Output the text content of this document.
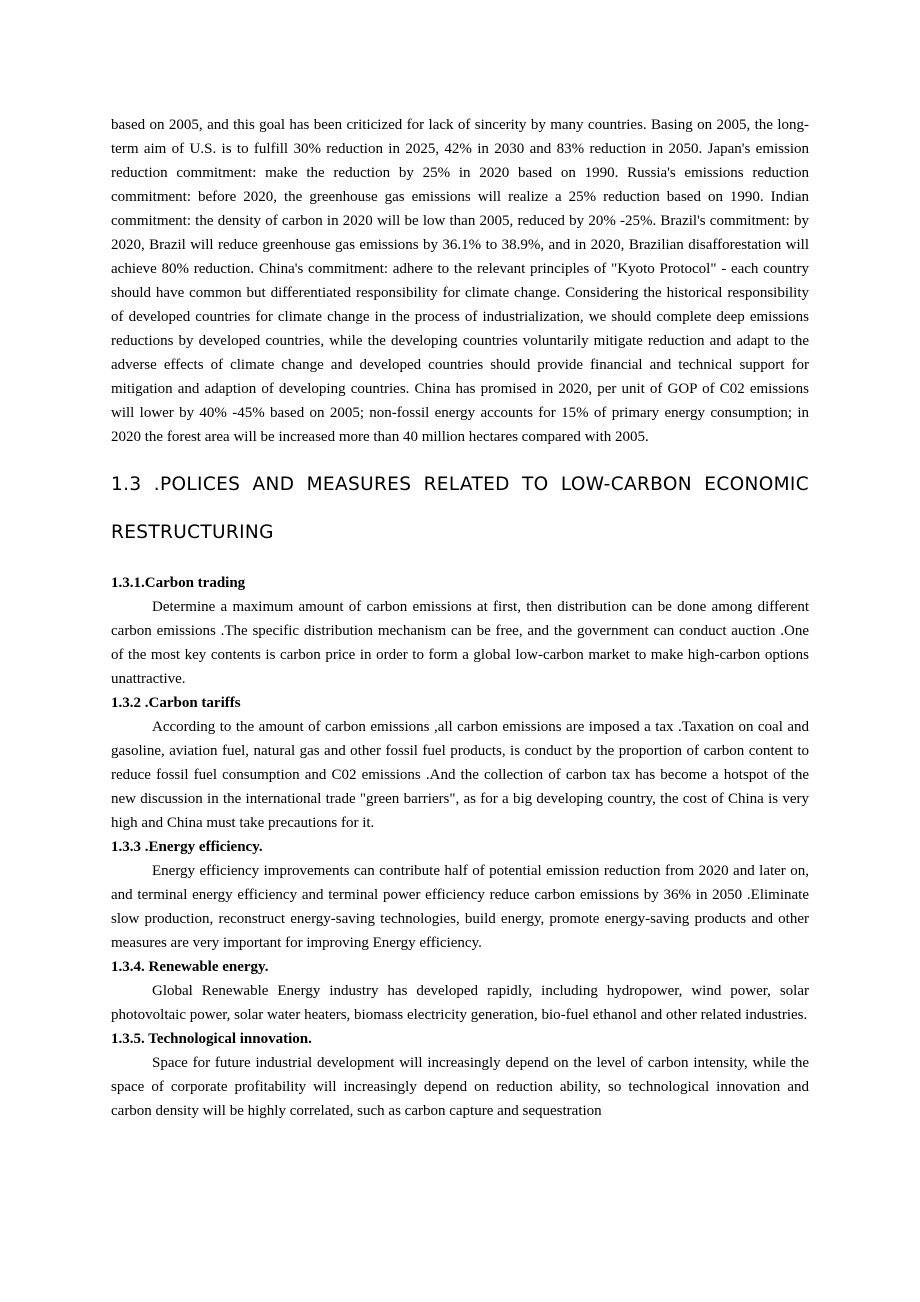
based on 2005, and this goal has been criticized for lack of sincerity by many countries. Basing on 2005, the long-term aim of U.S. is to fulfill 30% reduction in 2025, 42% in 2030 and 83% reduction in 2050. Japan's emission reduction commitment: make the reduction by 25% in 2020 based on 1990. Russia's emissions reduction commitment: before 2020, the greenhouse gas emissions will realize a 25% reduction based on 1990. Indian commitment: the density of carbon in 2020 will be low than 2005, reduced by 20% -25%. Brazil's commitment: by 2020, Brazil will reduce greenhouse gas emissions by 36.1% to 38.9%, and in 2020, Brazilian disafforestation will achieve 80% reduction. China's commitment: adhere to the relevant principles of "Kyoto Protocol" - each country should have common but differentiated responsibility for climate change. Considering the historical responsibility of developed countries for climate change in the process of industrialization, we should complete deep emissions reductions by developed countries, while the developing countries voluntarily mitigate reduction and adapt to the adverse effects of climate change and developed countries should provide financial and technical support for mitigation and adaption of developing countries. China has promised in 2020, per unit of GOP of C02 emissions will lower by 40% -45% based on 2005; non-fossil energy accounts for 15% of primary energy consumption; in 2020 the forest area will be increased more than 40 million hectares compared with 2005.

1.3 .POLICES AND MEASURES RELATED TO LOW-CARBON ECONOMIC RESTRUCTURING
1.3.1.Carbon trading

Determine a maximum amount of carbon emissions at first, then distribution can be done among different carbon emissions .The specific distribution mechanism can be free, and the government can conduct auction .One of the most key contents is carbon price in order to form a global low-carbon market to make high-carbon options unattractive.

1.3.2 .Carbon tariffs

According to the amount of carbon emissions ,all carbon emissions are imposed a tax .Taxation on coal and gasoline, aviation fuel, natural gas and other fossil fuel products, is conduct by the proportion of carbon content to reduce fossil fuel consumption and C02 emissions .And the collection of carbon tax has become a hotspot of the new discussion in the international trade "green barriers", as for a big developing country, the cost of China is very high and China must take precautions for it.

1.3.3 .Energy efficiency.

Energy efficiency improvements can contribute half of potential emission reduction from 2020 and later on, and terminal energy efficiency and terminal power efficiency reduce carbon emissions by 36% in 2050 .Eliminate slow production, reconstruct energy-saving technologies, build energy, promote energy-saving products and other measures are very important for improving Energy efficiency.

1.3.4. Renewable energy.

Global Renewable Energy industry has developed rapidly, including hydropower, wind power, solar photovoltaic power, solar water heaters, biomass electricity generation, bio-fuel ethanol and other related industries.

1.3.5. Technological innovation.

Space for future industrial development will increasingly depend on the level of carbon intensity, while the space of corporate profitability will increasingly depend on reduction ability, so technological innovation and carbon density will be highly correlated, such as carbon capture and sequestration
